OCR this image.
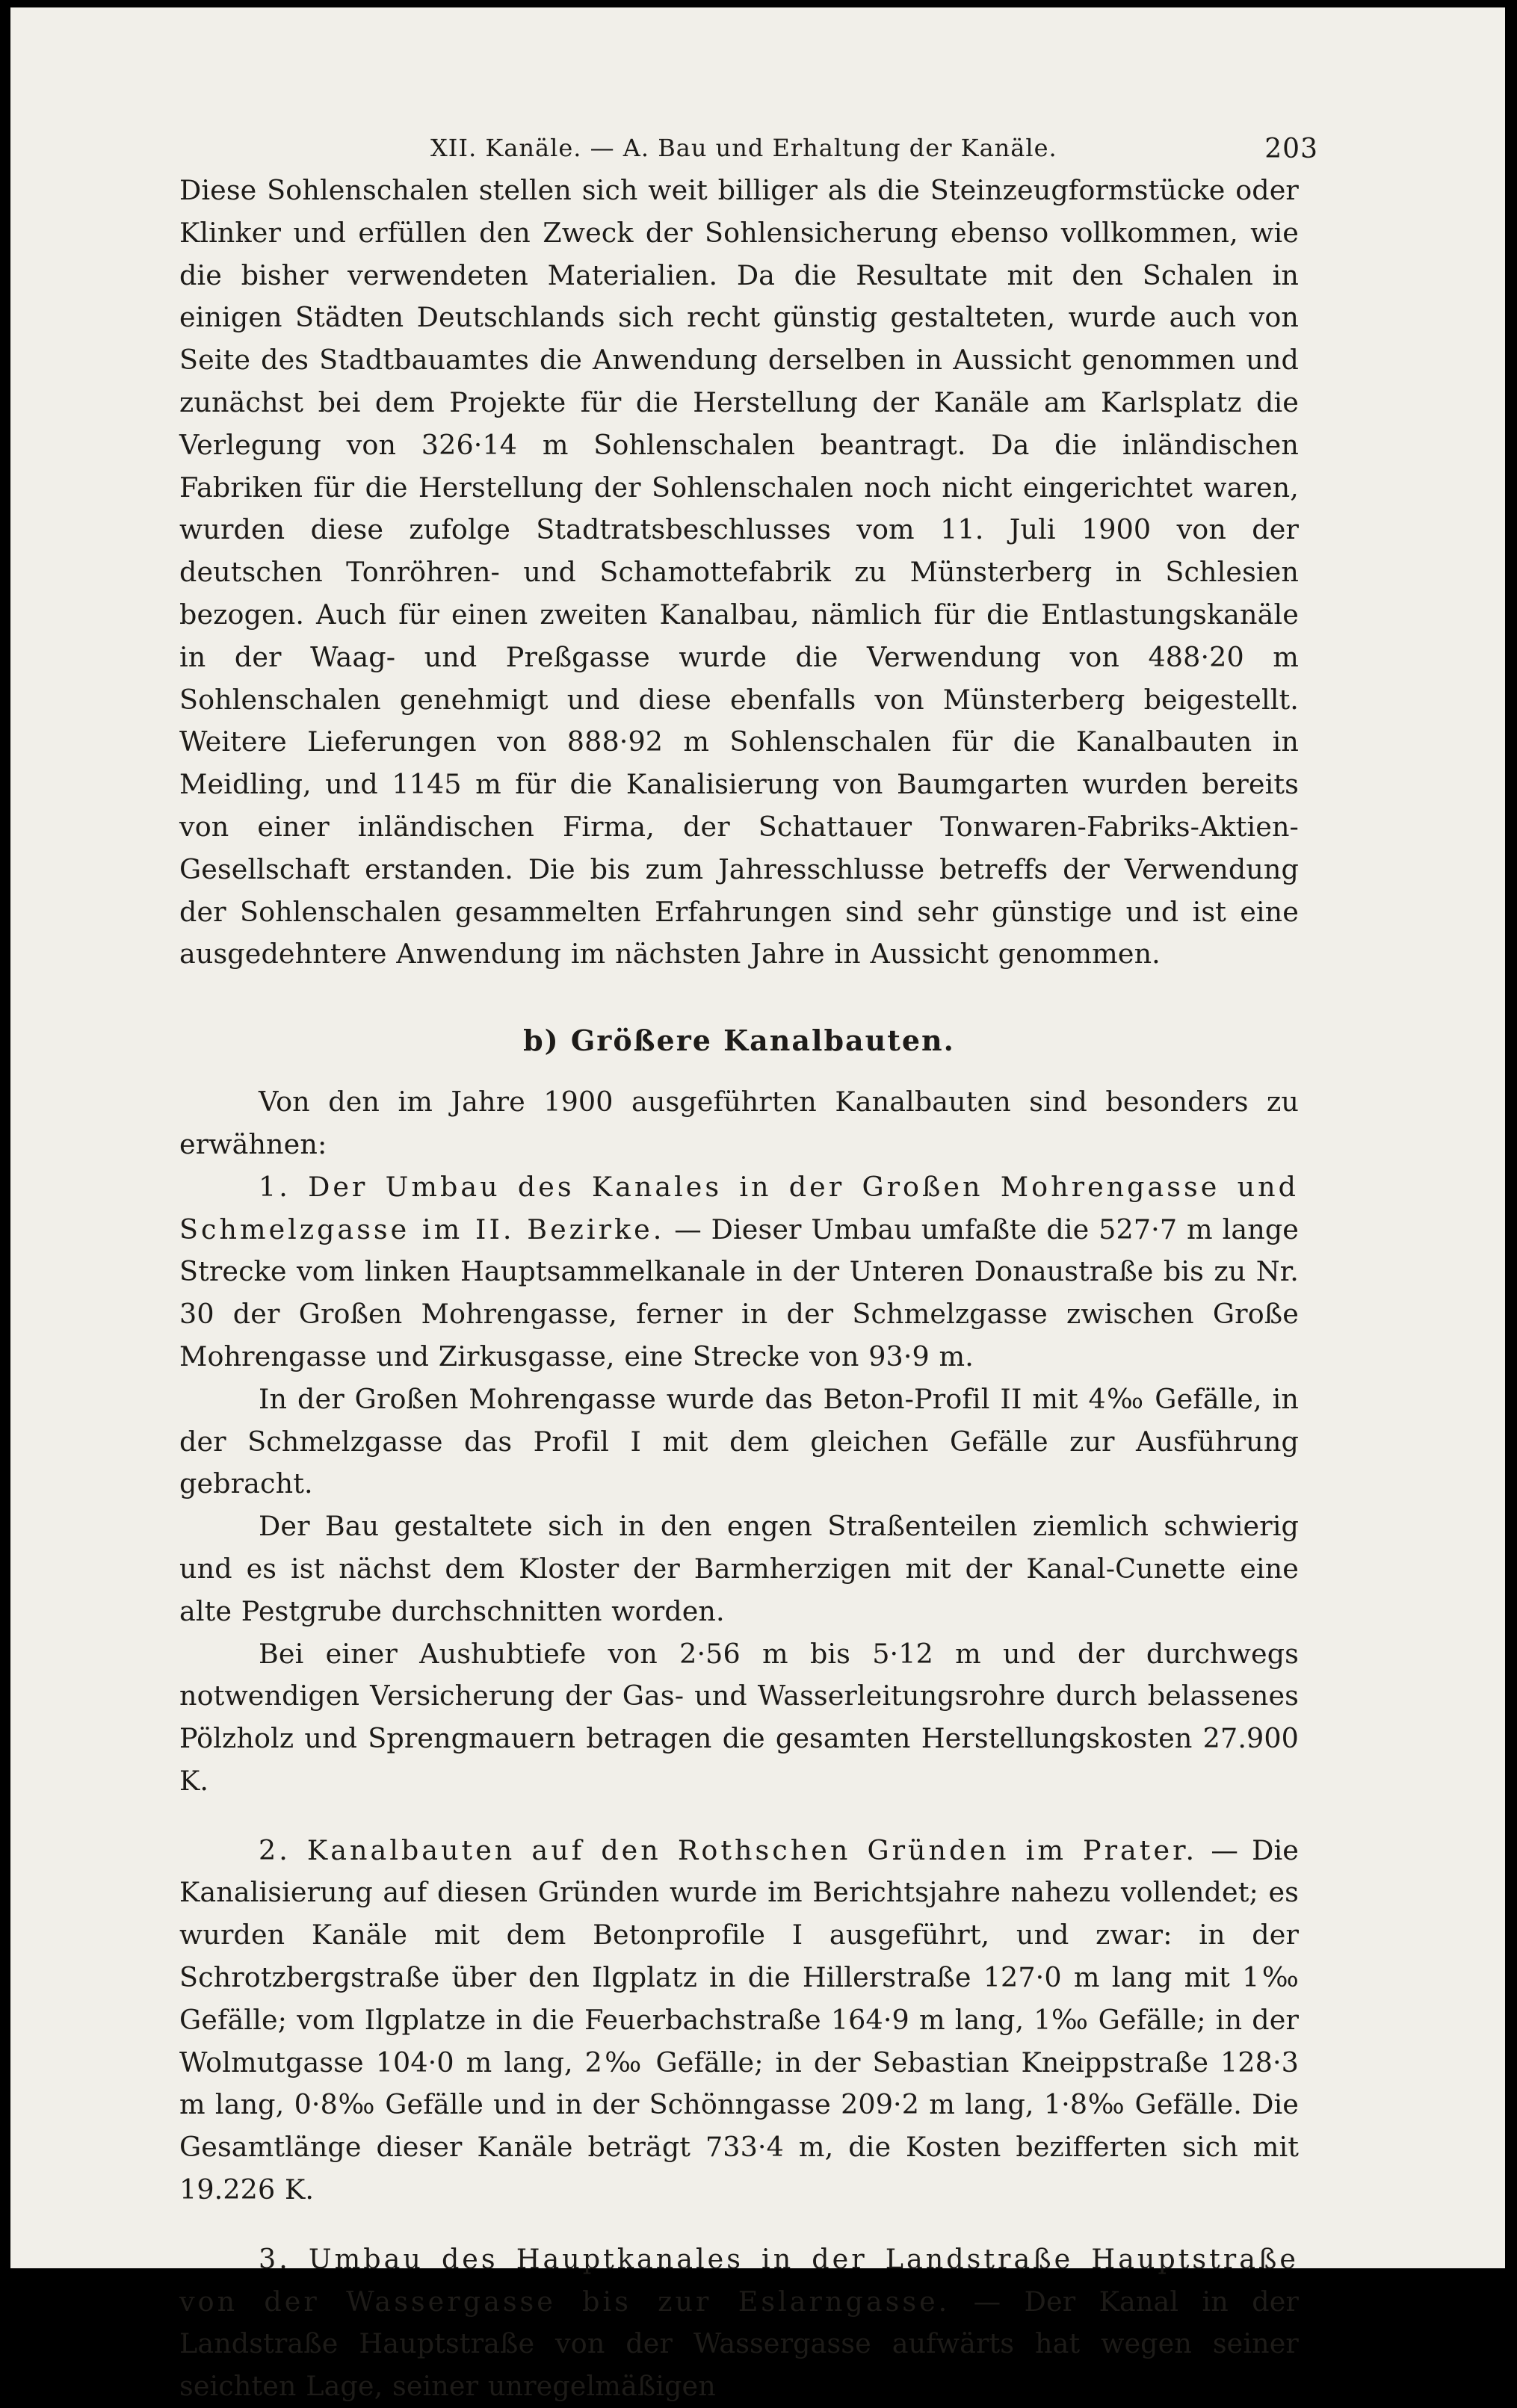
XII. Kanäle. — A. Bau und Erhaltung der Kanäle.	203

Diese Sohlenschalen stellen sich weit billiger als die Steinzeugformstücke oder Klinker und erfüllen den Zweck der Sohlensicherung ebenso vollkommen, wie die bisher verwendeten Materialien. Da die Resultate mit den Schalen in einigen Städten Deutschlands sich recht günstig gestalteten, wurde auch von Seite des Stadtbauamtes die Anwendung derselben in Aussicht genommen und zunächst bei dem Projekte für die Herstellung der Kanäle am Karlsplatz die Verlegung von 326·14 m Sohlenschalen beantragt. Da die inländischen Fabriken für die Herstellung der Sohlenschalen noch nicht eingerichtet waren, wurden diese zufolge Stadtratsbeschlusses vom 11. Juli 1900 von der deutschen Tonröhren- und Schamottefabrik zu Münsterberg in Schlesien bezogen. Auch für einen zweiten Kanalbau, nämlich für die Entlastungskanäle in der Waag- und Preßgasse wurde die Verwendung von 488·20 m Sohlenschalen genehmigt und diese ebenfalls von Münsterberg beigestellt. Weitere Lieferungen von 888·92 m Sohlenschalen für die Kanalbauten in Meidling, und 1145 m für die Kanalisierung von Baumgarten wurden bereits von einer inländischen Firma, der Schattauer Tonwaren-Fabriks-Aktien-Gesellschaft erstanden. Die bis zum Jahresschlusse betreffs der Verwendung der Sohlenschalen gesammelten Erfahrungen sind sehr günstige und ist eine ausgedehntere Anwendung im nächsten Jahre in Aussicht genommen.

b) Größere Kanalbauten.

Von den im Jahre 1900 ausgeführten Kanalbauten sind besonders zu erwähnen:

1. Der Umbau des Kanales in der Großen Mohrengasse und Schmelzgasse im II. Bezirke. — Dieser Umbau umfaßte die 527·7 m lange Strecke vom linken Hauptsammelkanale in der Unteren Donaustraße bis zu Nr. 30 der Großen Mohrengasse, ferner in der Schmelzgasse zwischen Große Mohrengasse und Zirkusgasse, eine Strecke von 93·9 m.

In der Großen Mohrengasse wurde das Beton-Profil II mit 4‰ Gefälle, in der Schmelzgasse das Profil I mit dem gleichen Gefälle zur Ausführung gebracht.

Der Bau gestaltete sich in den engen Straßenteilen ziemlich schwierig und es ist nächst dem Kloster der Barmherzigen mit der Kanal-Cunette eine alte Pestgrube durchschnitten worden.

Bei einer Aushubtiefe von 2·56 m bis 5·12 m und der durchwegs notwendigen Versicherung der Gas- und Wasserleitungsrohre durch belassenes Pölzholz und Sprengmauern betragen die gesamten Herstellungskosten 27.900 K.

2. Kanalbauten auf den Rothschen Gründen im Prater. — Die Kanalisierung auf diesen Gründen wurde im Berichtsjahre nahezu vollendet; es wurden Kanäle mit dem Betonprofile I ausgeführt, und zwar: in der Schrotzbergstraße über den Ilgplatz in die Hillerstraße 127·0 m lang mit 1‰ Gefälle; vom Ilgplatze in die Feuerbachstraße 164·9 m lang, 1‰ Gefälle; in der Wolmutgasse 104·0 m lang, 2‰ Gefälle; in der Sebastian Kneippstraße 128·3 m lang, 0·8‰ Gefälle und in der Schönngasse 209·2 m lang, 1·8‰ Gefälle. Die Gesamtlänge dieser Kanäle beträgt 733·4 m, die Kosten bezifferten sich mit 19.226 K.

3. Umbau des Hauptkanales in der Landstraße Hauptstraße von der Wassergasse bis zur Eslarngasse. — Der Kanal in der Landstraße Hauptstraße von der Wassergasse aufwärts hat wegen seiner seichten Lage, seiner unregelmäßigen
